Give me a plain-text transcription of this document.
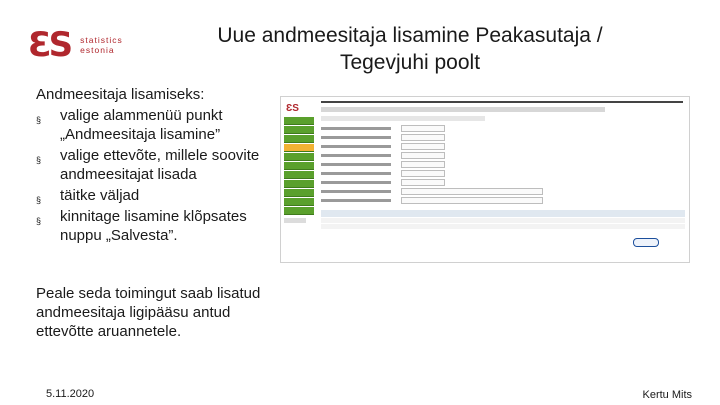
ƐS statistics
estonia
Uue andmeesitaja lisamine Peakasutaja /
Tegevjuhi poolt

Andmeesitaja lisamiseks:

§ valige alammenüü punkt „Andmeesitaja lisamine”
§ valige ettevõte, millele soovite andmeesitajat lisada
§ täitke väljad
§ kinnitage lisamine klõpsates nuppu „Salvesta”.
Peale seda toimingut saab lisatud andmeesitaja ligipääsu antud ettevõtte aruannetele.
ƐS
5.11.2020	Kertu Mits
